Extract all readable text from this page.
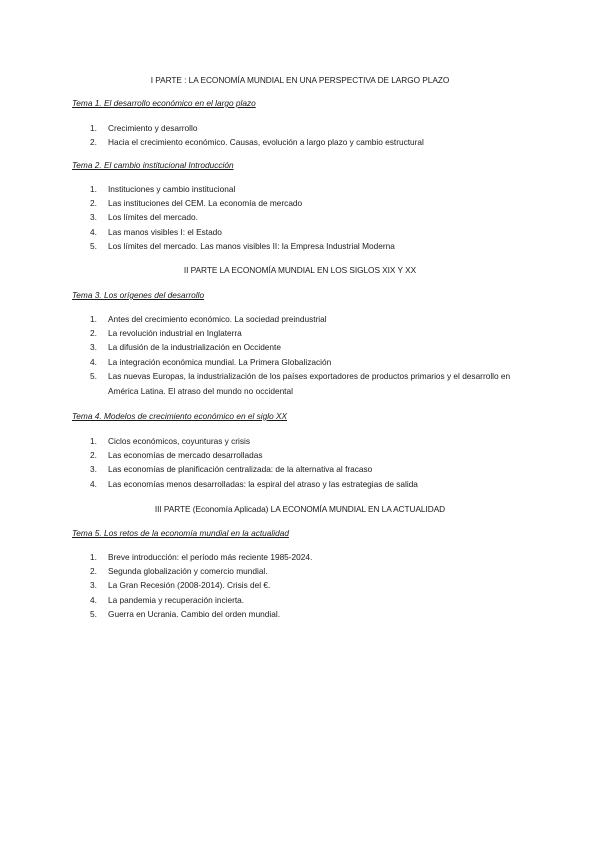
I PARTE : LA ECONOMÍA MUNDIAL EN UNA PERSPECTIVA DE LARGO PLAZO
Tema 1. El desarrollo económico en el largo plazo
1. Crecimiento y desarrollo
2. Hacia el crecimiento económico. Causas, evolución a largo plazo y cambio estructural
Tema 2. El cambio institucional Introducción
1. Instituciones y cambio institucional
2. Las instituciones del CEM. La economía de mercado
3. Los límites del mercado.
4. Las manos visibles I: el Estado
5. Los límites del mercado. Las manos visibles II: la Empresa Industrial Moderna
II PARTE LA ECONOMÍA MUNDIAL EN LOS SIGLOS XIX Y XX
Tema 3. Los orígenes del desarrollo
1. Antes del crecimiento económico. La sociedad preindustrial
2. La revolución industrial en Inglaterra
3. La difusión de la industrialización en Occidente
4. La integración económica mundial. La Primera Globalización
5. Las nuevas Europas, la industrialización de los países exportadores de productos primarios y el desarrollo en América Latina. El atraso del mundo no occidental
Tema 4. Modelos de crecimiento económico en el siglo XX
1. Ciclos económicos, coyunturas y crisis
2. Las economías de mercado desarrolladas
3. Las economías de planificación centralizada: de la alternativa al fracaso
4. Las economías menos desarrolladas: la espiral del atraso y las estrategias de salida
III PARTE (Economía Aplicada) LA ECONOMÍA MUNDIAL EN LA ACTUALIDAD
Tema 5. Los retos de la economía mundial en la actualidad
1. Breve introducción: el período más reciente 1985-2024.
2. Segunda globalización y comercio mundial.
3. La Gran Recesión (2008-2014). Crisis del €.
4. La pandemia y recuperación incierta.
5. Guerra en Ucrania. Cambio del orden mundial.
